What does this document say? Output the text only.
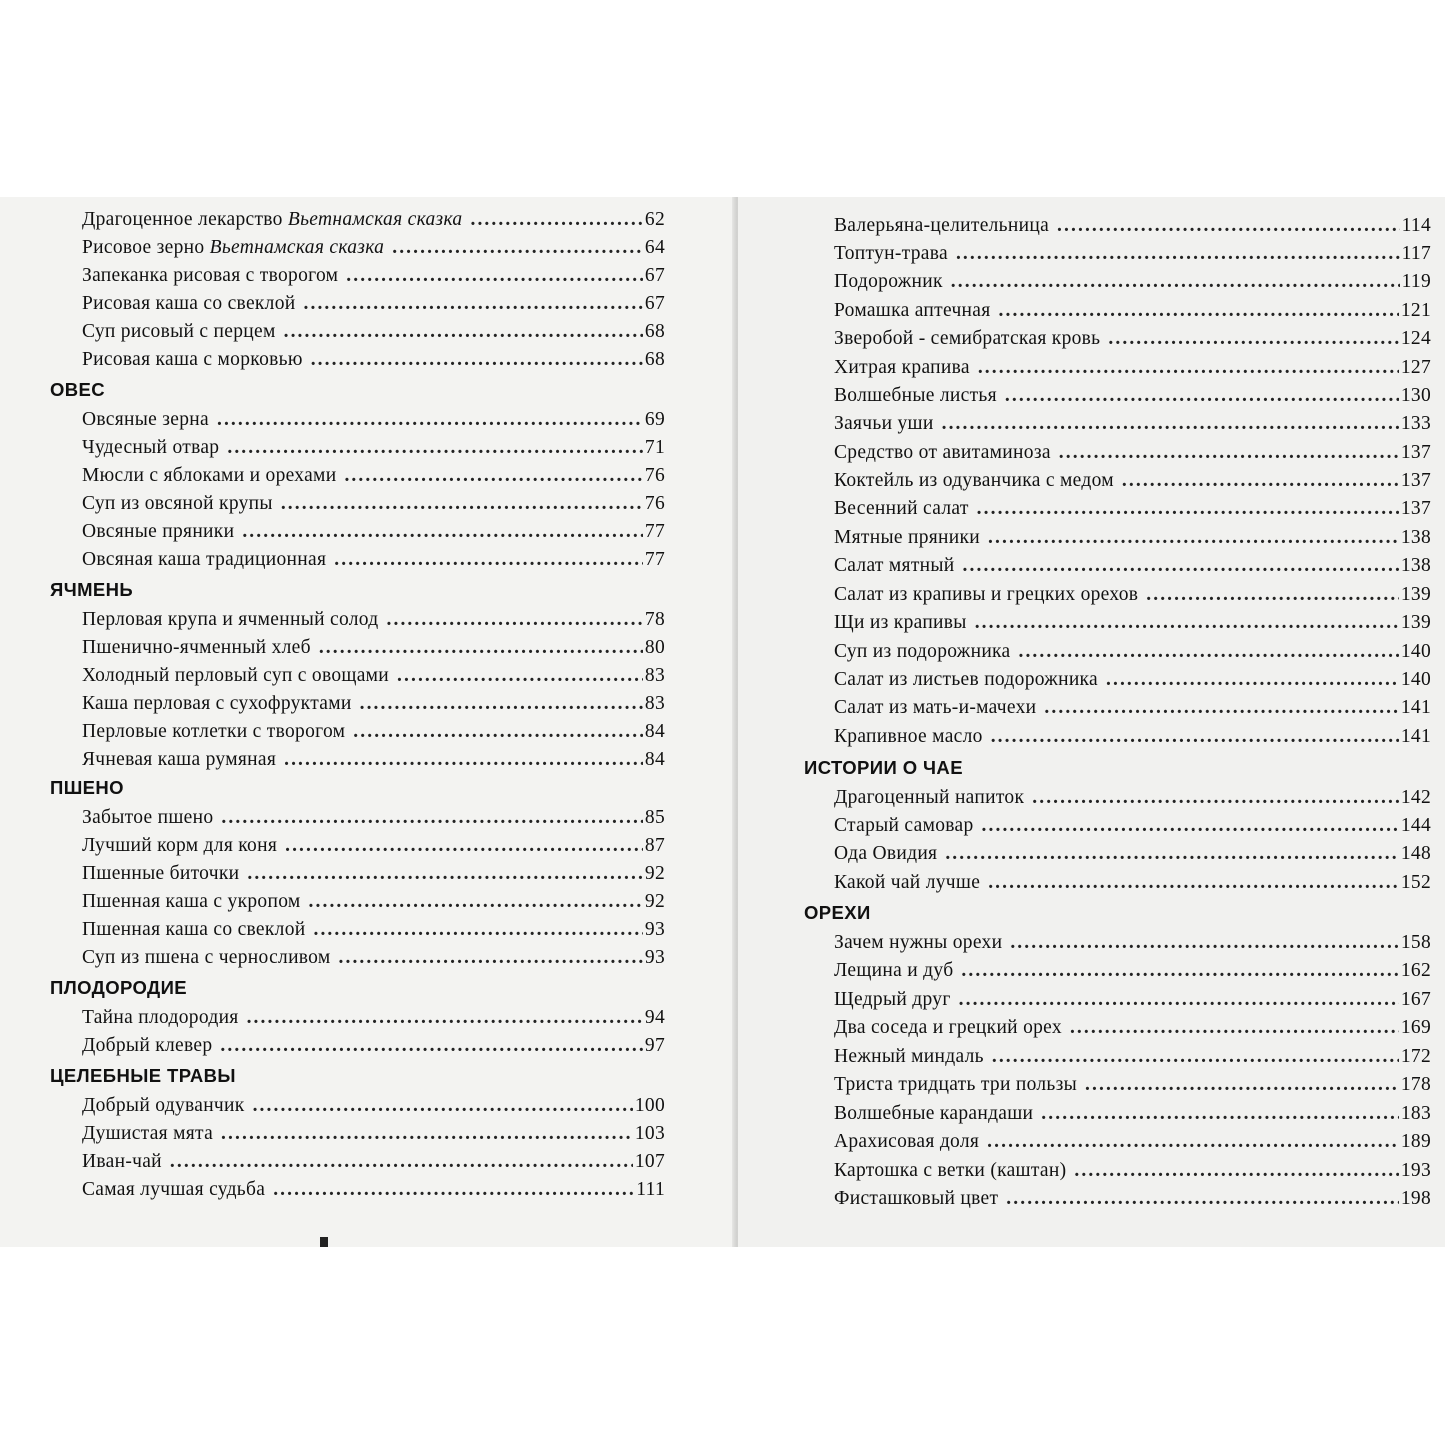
Драгоценное лекарство Вьетнамская сказка .....	62
Рисовое зерно Вьетнамская сказка .....	64
Запеканка рисовая с творогом .....	67
Рисовая каша со свеклой .....	67
Суп рисовый с перцем .....	68
Рисовая каша с морковью .....	68
ОВЕС
Овсяные зерна .....	69
Чудесный отвар .....	71
Мюсли с яблоками и орехами .....	76
Суп из овсяной крупы .....	76
Овсяные пряники .....	77
Овсяная каша традиционная .....	77
ЯЧМЕНЬ
Перловая крупа и ячменный солод .....	78
Пшенично-ячменный хлеб .....	80
Холодный перловый суп с овощами .....	83
Каша перловая с сухофруктами .....	83
Перловые котлетки с творогом .....	84
Ячневая каша румяная .....	84
ПШЕНО
Забытое пшено .....	85
Лучший корм для коня .....	87
Пшенные биточки .....	92
Пшенная каша с укропом .....	92
Пшенная каша со свеклой .....	93
Суп из пшена с черносливом .....	93
ПЛОДОРОДИЕ
Тайна плодородия .....	94
Добрый клевер .....	97
ЦЕЛЕБНЫЕ ТРАВЫ
Добрый одуванчик .....	100
Душистая мята .....	103
Иван-чай .....	107
Самая лучшая судьба .....	111
Валерьяна-целительница .....	114
Топтун-трава .....	117
Подорожник .....	119
Ромашка аптечная .....	121
Зверобой - семибратская кровь .....	124
Хитрая крапива .....	127
Волшебные листья .....	130
Заячьи уши .....	133
Средство от авитаминоза .....	137
Коктейль из одуванчика с медом .....	137
Весенний салат .....	137
Мятные пряники .....	138
Салат мятный .....	138
Салат из крапивы и грецких орехов .....	139
Щи из крапивы .....	139
Суп из подорожника .....	140
Салат из листьев подорожника .....	140
Салат из мать-и-мачехи .....	141
Крапивное масло .....	141
ИСТОРИИ О ЧАЕ
Драгоценный напиток .....	142
Старый самовар .....	144
Ода Овидия .....	148
Какой чай лучше .....	152
ОРЕХИ
Зачем нужны орехи .....	158
Лещина и дуб .....	162
Щедрый друг .....	167
Два соседа и грецкий орех .....	169
Нежный миндаль .....	172
Триста тридцать три пользы .....	178
Волшебные карандаши .....	183
Арахисовая доля .....	189
Картошка с ветки (каштан) .....	193
Фисташковый цвет .....	198
